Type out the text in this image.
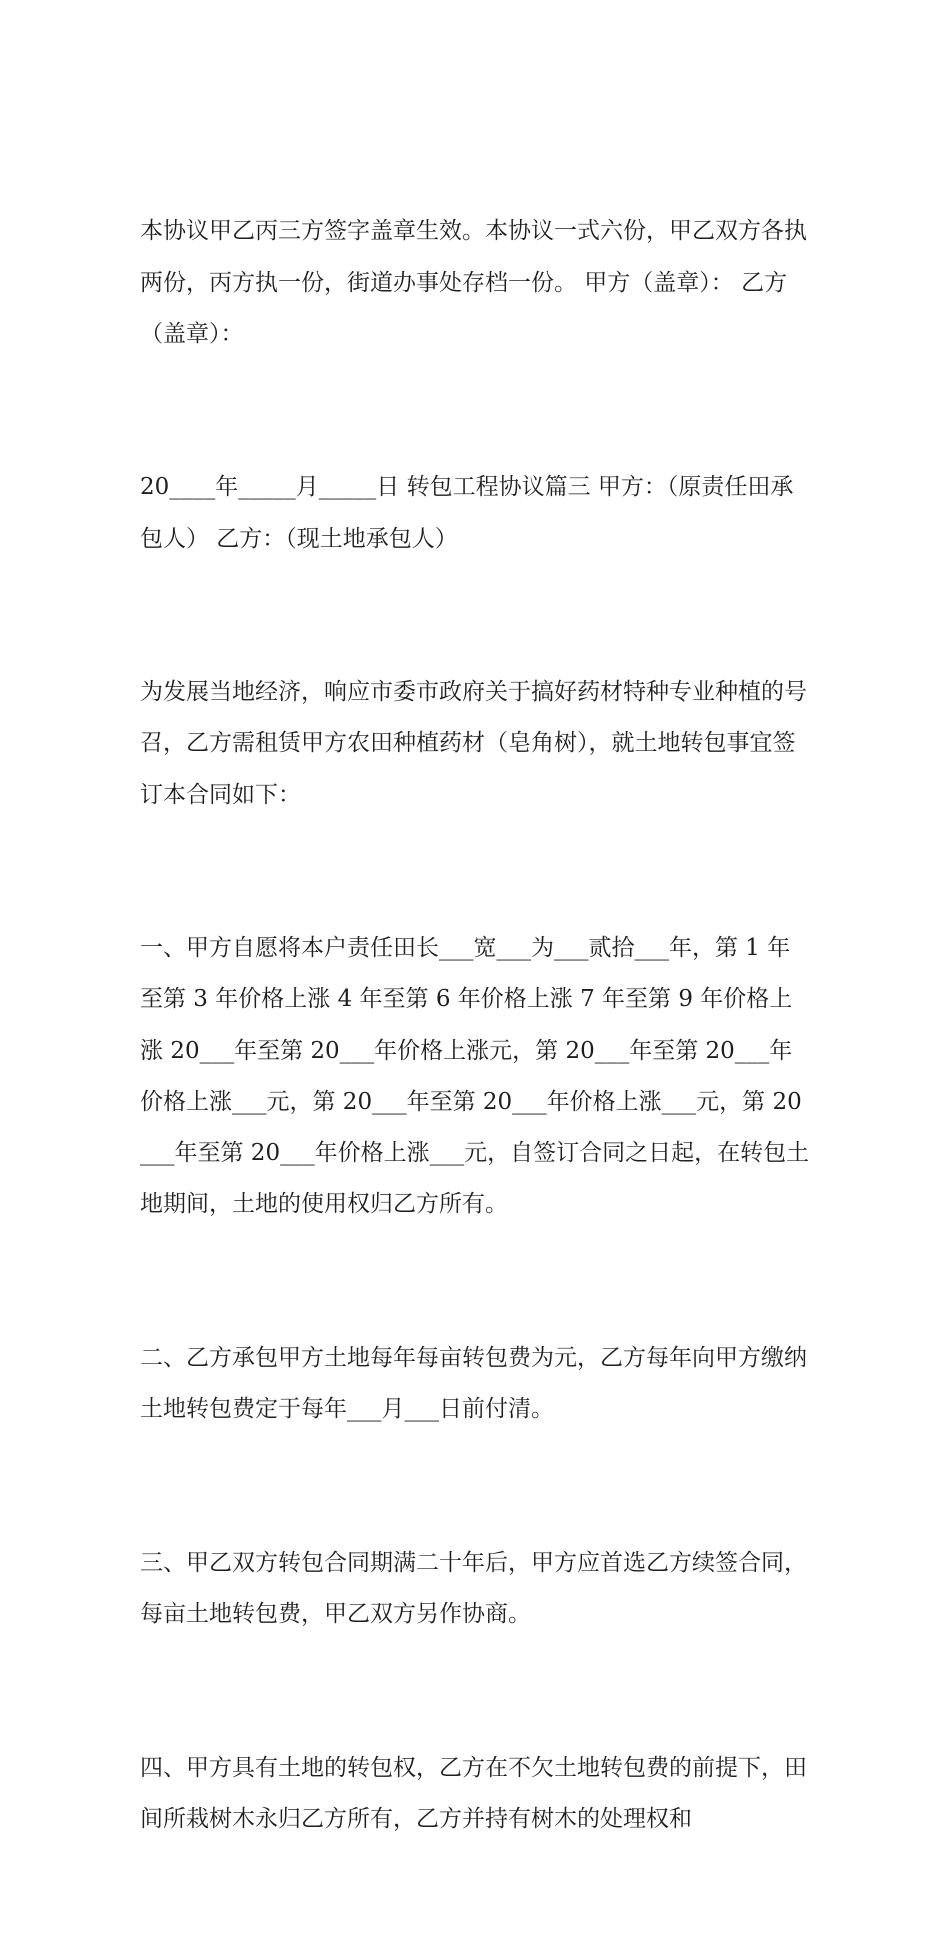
本协议甲乙丙三方签字盖章生效。本协议一式六份，甲乙双方各执两份，丙方执一份，街道办事处存档一份。 甲方（盖章）： 乙方（盖章）：

20____年_____月_____日 转包工程协议篇三 甲方：（原责任田承包人） 乙方：（现土地承包人）

为发展当地经济，响应市委市政府关于搞好药材特种专业种植的号召，乙方需租赁甲方农田种植药材（皂角树），就土地转包事宜签订本合同如下：

一、甲方自愿将本户责任田长___宽___为___贰拾___年，第 1 年至第 3 年价格上涨 4 年至第 6 年价格上涨 7 年至第 9 年价格上涨 20___年至第 20___年价格上涨元，第 20___年至第 20___年价格上涨___元，第 20___年至第 20___年价格上涨___元，第 20___年至第 20___年价格上涨___元，自签订合同之日起，在转包土地期间，土地的使用权归乙方所有。

二、乙方承包甲方土地每年每亩转包费为元，乙方每年向甲方缴纳土地转包费定于每年___月___日前付清。

三、甲乙双方转包合同期满二十年后，甲方应首选乙方续签合同，每亩土地转包费，甲乙双方另作协商。

四、甲方具有土地的转包权，乙方在不欠土地转包费的前提下，田间所栽树木永归乙方所有，乙方并持有树木的处理权和
